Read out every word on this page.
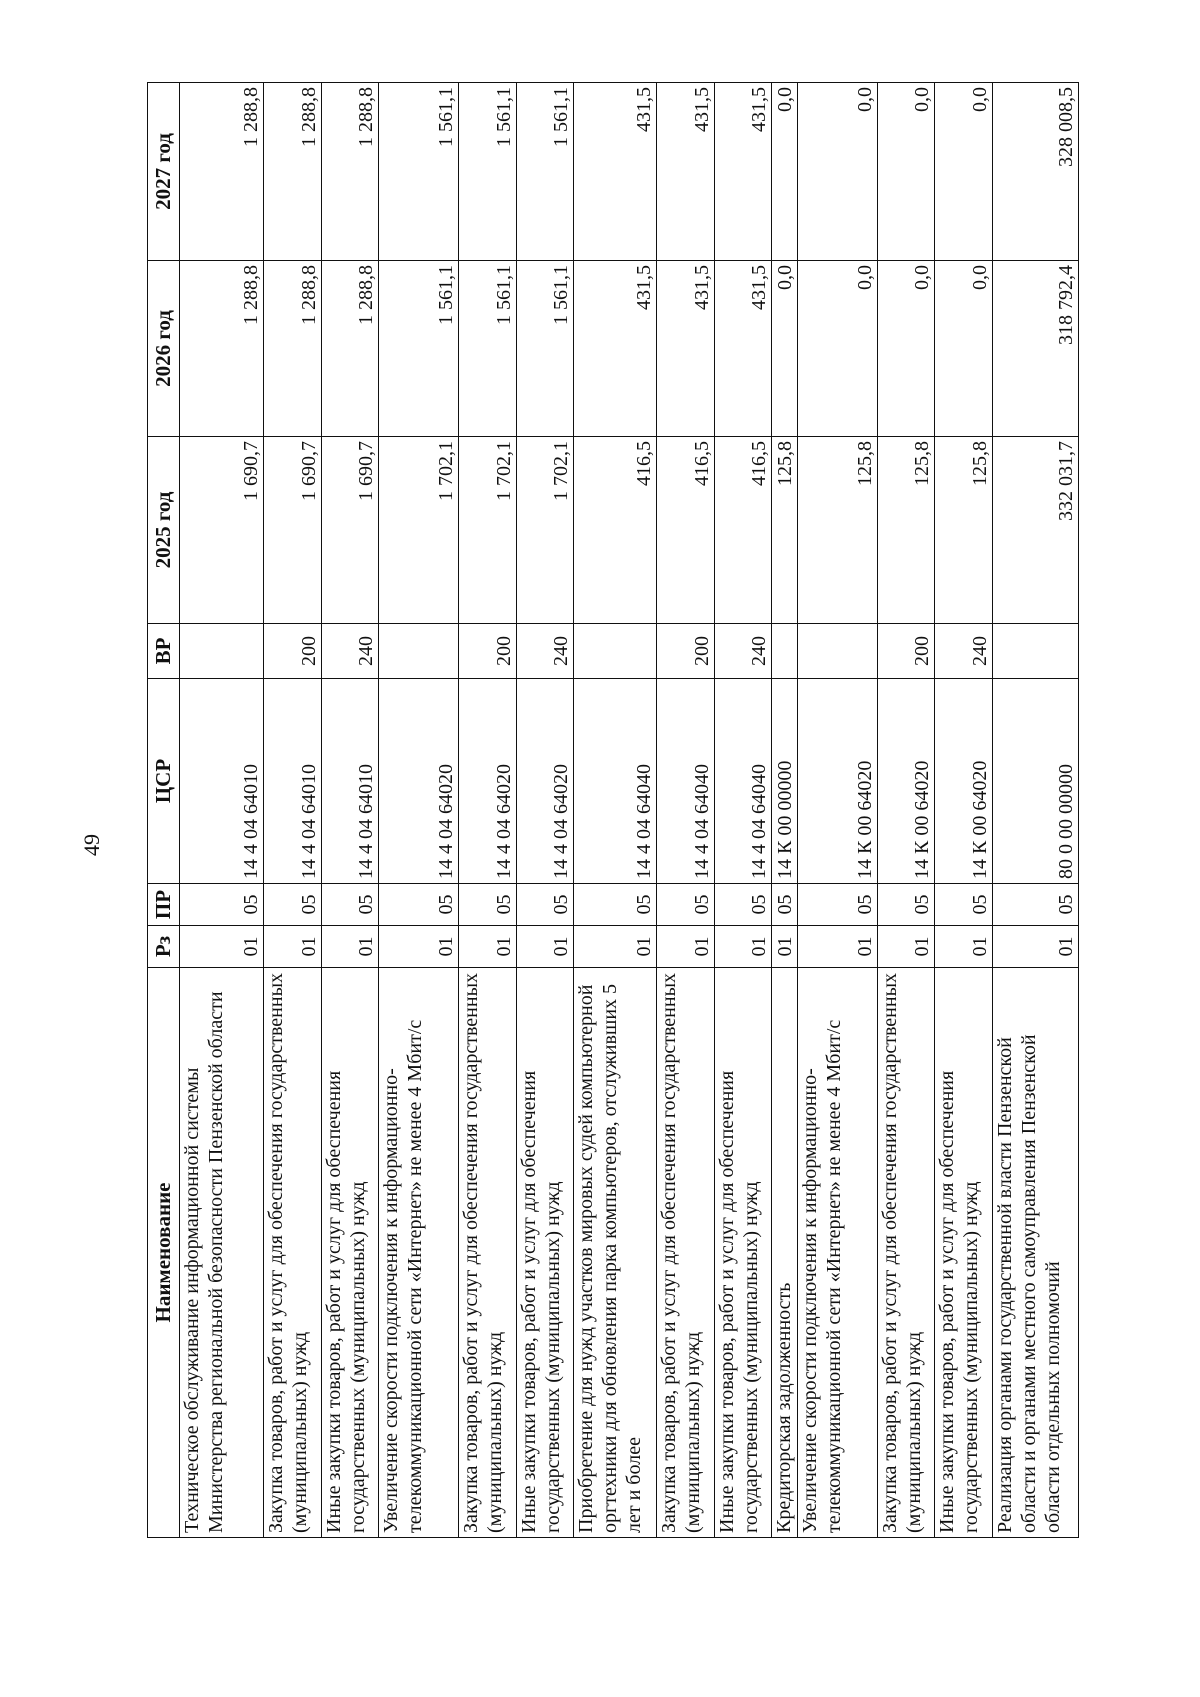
49
Наименование	Рз	ПР	ЦСР	ВР	2025 год	2026 год	2027 год
Техническое обслуживание информационной системы Министерства региональной безопасности Пензенской области	01	05	14 4 04 64010		1 690,7	1 288,8	1 288,8
Закупка товаров, работ и услуг для обеспечения государственных (муниципальных) нужд	01	05	14 4 04 64010	200	1 690,7	1 288,8	1 288,8
Иные закупки товаров, работ и услуг для обеспечения государственных (муниципальных) нужд	01	05	14 4 04 64010	240	1 690,7	1 288,8	1 288,8
Увеличение скорости подключения к информационно-телекоммуникационной сети «Интернет» не менее 4 Мбит/с	01	05	14 4 04 64020		1 702,1	1 561,1	1 561,1
Закупка товаров, работ и услуг для обеспечения государственных (муниципальных) нужд	01	05	14 4 04 64020	200	1 702,1	1 561,1	1 561,1
Иные закупки товаров, работ и услуг для обеспечения государственных (муниципальных) нужд	01	05	14 4 04 64020	240	1 702,1	1 561,1	1 561,1
Приобретение для нужд участков мировых судей компьютерной оргтехники для обновления парка компьютеров, отслуживших 5 лет и более	01	05	14 4 04 64040		416,5	431,5	431,5
Закупка товаров, работ и услуг для обеспечения государственных (муниципальных) нужд	01	05	14 4 04 64040	200	416,5	431,5	431,5
Иные закупки товаров, работ и услуг для обеспечения государственных (муниципальных) нужд	01	05	14 4 04 64040	240	416,5	431,5	431,5
Кредиторская задолженность	01	05	14 К 00 00000		125,8	0,0	0,0
Увеличение скорости подключения к информационно-телекоммуникационной сети «Интернет» не менее 4 Мбит/с	01	05	14 К 00 64020		125,8	0,0	0,0
Закупка товаров, работ и услуг для обеспечения государственных (муниципальных) нужд	01	05	14 К 00 64020	200	125,8	0,0	0,0
Иные закупки товаров, работ и услуг для обеспечения государственных (муниципальных) нужд	01	05	14 К 00 64020	240	125,8	0,0	0,0
Реализация органами государственной власти Пензенской области и органами местного самоуправления Пензенской области отдельных полномочий	01	05	80 0 00 00000		332 031,7	318 792,4	328 008,5
